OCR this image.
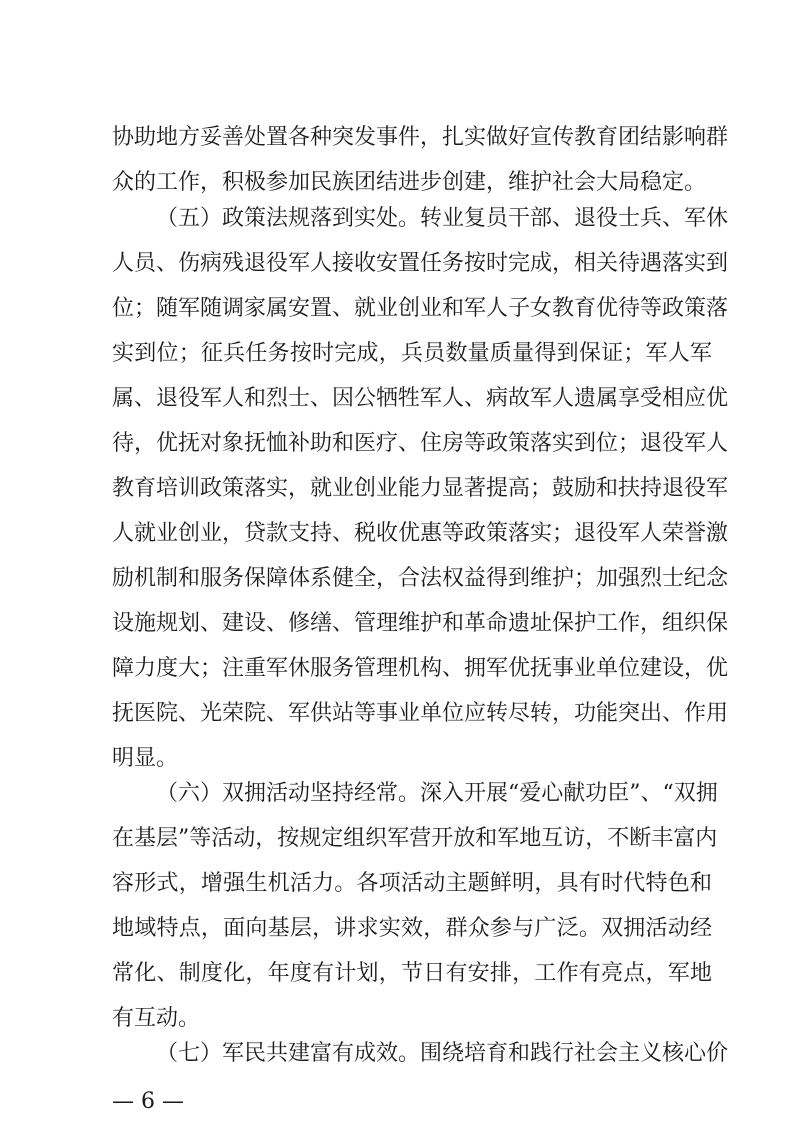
协助地方妥善处置各种突发事件，扎实做好宣传教育团结影响群
众的工作，积极参加民族团结进步创建，维护社会大局稳定。
（五）政策法规落到实处。转业复员干部、退役士兵、军休
人员、伤病残退役军人接收安置任务按时完成，相关待遇落实到
位；随军随调家属安置、就业创业和军人子女教育优待等政策落
实到位；征兵任务按时完成，兵员数量质量得到保证；军人军
属、退役军人和烈士、因公牺牲军人、病故军人遗属享受相应优
待，优抚对象抚恤补助和医疗、住房等政策落实到位；退役军人
教育培训政策落实，就业创业能力显著提高；鼓励和扶持退役军
人就业创业，贷款支持、税收优惠等政策落实；退役军人荣誉激
励机制和服务保障体系健全，合法权益得到维护；加强烈士纪念
设施规划、建设、修缮、管理维护和革命遗址保护工作，组织保
障力度大；注重军休服务管理机构、拥军优抚事业单位建设，优
抚医院、光荣院、军供站等事业单位应转尽转，功能突出、作用
明显。
（六）双拥活动坚持经常。深入开展“爱心献功臣”、“双拥
在基层”等活动，按规定组织军营开放和军地互访，不断丰富内
容形式，增强生机活力。各项活动主题鲜明，具有时代特色和
地域特点，面向基层，讲求实效，群众参与广泛。双拥活动经
常化、制度化，年度有计划，节日有安排，工作有亮点，军地
有互动。
（七）军民共建富有成效。围绕培育和践行社会主义核心价
— 6 —
